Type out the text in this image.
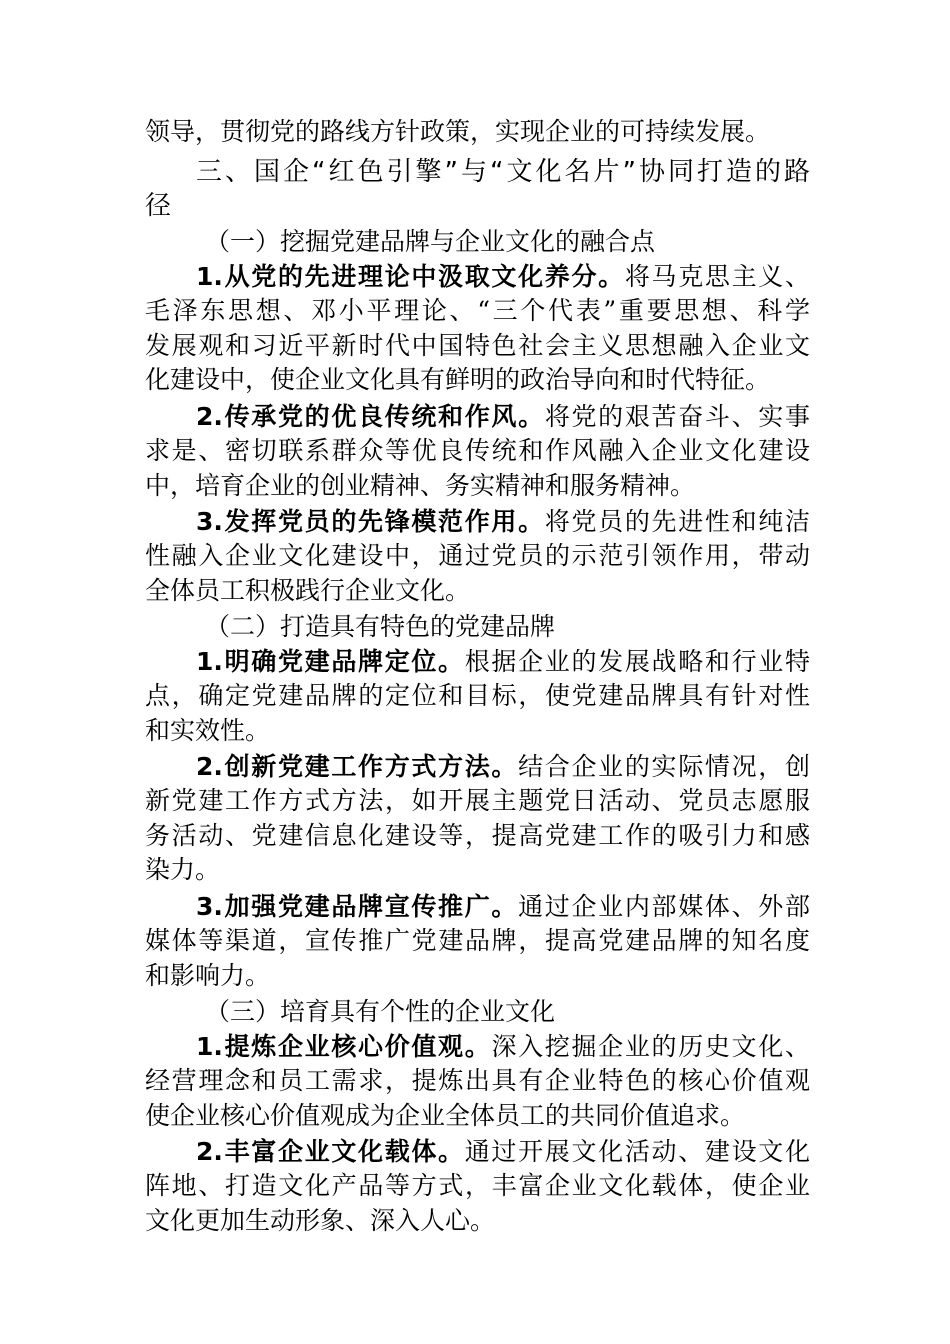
领导，贯彻党的路线方针政策，实现企业的可持续发展。
三、国企“红色引擎”与“文化名片”协同打造的路
径
（一）挖掘党建品牌与企业文化的融合点
1.从党的先进理论中汲取文化养分。将马克思主义、
毛泽东思想、邓小平理论、“三个代表”重要思想、科学
发展观和习近平新时代中国特色社会主义思想融入企业文
化建设中，使企业文化具有鲜明的政治导向和时代特征。
2.传承党的优良传统和作风。将党的艰苦奋斗、实事
求是、密切联系群众等优良传统和作风融入企业文化建设
中，培育企业的创业精神、务实精神和服务精神。
3.发挥党员的先锋模范作用。将党员的先进性和纯洁
性融入企业文化建设中，通过党员的示范引领作用，带动
全体员工积极践行企业文化。
（二）打造具有特色的党建品牌
1.明确党建品牌定位。根据企业的发展战略和行业特
点，确定党建品牌的定位和目标，使党建品牌具有针对性
和实效性。
2.创新党建工作方式方法。结合企业的实际情况，创
新党建工作方式方法，如开展主题党日活动、党员志愿服
务活动、党建信息化建设等，提高党建工作的吸引力和感
染力。
3.加强党建品牌宣传推广。通过企业内部媒体、外部
媒体等渠道，宣传推广党建品牌，提高党建品牌的知名度
和影响力。
（三）培育具有个性的企业文化
1.提炼企业核心价值观。深入挖掘企业的历史文化、
经营理念和员工需求，提炼出具有企业特色的核心价值观
使企业核心价值观成为企业全体员工的共同价值追求。
2.丰富企业文化载体。通过开展文化活动、建设文化
阵地、打造文化产品等方式，丰富企业文化载体，使企业
文化更加生动形象、深入人心。
